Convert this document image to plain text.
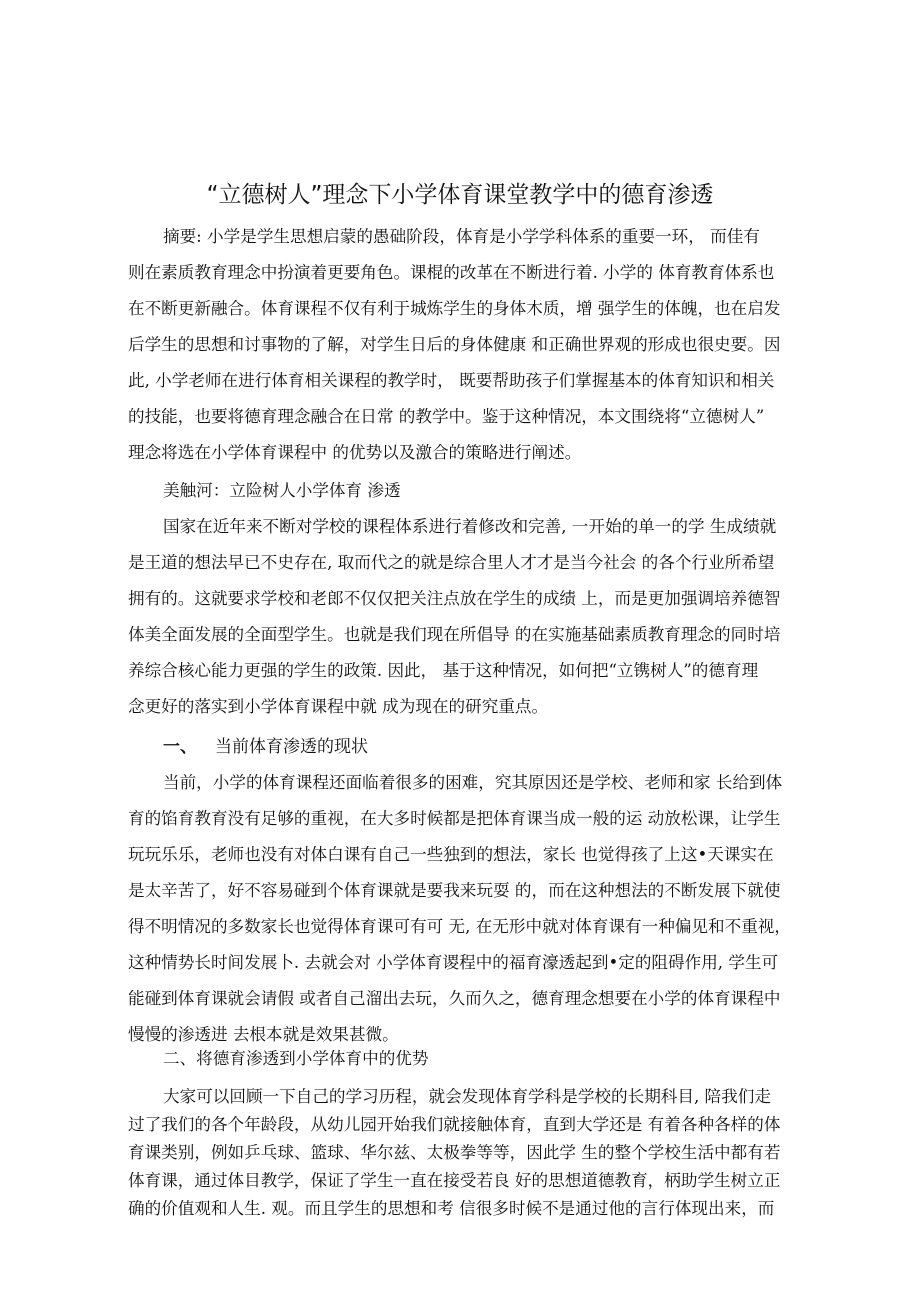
“立德树人”理念下小学体育课堂教学中的德育渗透
摘要: 小学是学生思想启蒙的愚础阶段，体育是小学学科体系的重要一环， 而佳有
则在素质教育理念中扮演着更要角色。课棍的改革在不断进行着. 小学的 体育教育体系也
在不断更新融合。体育课程不仅有利于城炼学生的身体木质，增 强学生的体魄，也在启发
后学生的思想和讨事物的了解，对学生日后的身体健康 和正确世界观的形成也很史要。因
此, 小学老师在进行体育相关课程的教学时， 既要帮助孩子们掌握基本的体育知识和相关
的技能，也要将德育理念融合在日常 的教学中。鉴于这种情况，本文围绕将“立德树人”
理念将选在小学体育课程中 的优势以及激合的策略进行阐述。
美触河：立险树人小学体育 渗透
国家在近年来不断对学校的课程体系进行着修改和完善, 一开始的单一的学 生成绩就
是王道的想法早已不史存在, 取而代之的就是综合里人才才是当今社会 的各个行业所希望
拥有的。这就要求学校和老郎不仅仅把关注点放在学生的成绩 上，而是更加强调培养德智
体美全面发展的全面型学生。也就是我们现在所倡导 的在实施基础素质教育理念的同时培
养综合核心能力更强的学生的政策. 因此， 基于这种情况，如何把“立镌树人”的德育理
念更好的落实到小学体育课程中就 成为现在的研究重点。
一、 当前体育渗透的现状
当前，小学的体育课程还面临着很多的困难，究其原因还是学校、老师和家 长给到体
育的馅育教育没有足够的重视，在大多时候都是把体育课当成一般的运 动放松课，让学生
玩玩乐乐，老师也没有对体白课有自己一些独到的想法，家长 也觉得孩了上这•天课实在
是太辛苦了，好不容易碰到个体育课就是要我来玩耍 的，而在这种想法的不断发展下就使
得不明情况的多数家长也觉得体育课可有可 无, 在无形中就对体育课有一种偏见和不重视，
这种情势长时间发展卜. 去就会对 小学体育谡程中的福育濠透起到•定的阻碍作用, 学生可
能碰到体育课就会请假 或者自己溜出去玩，久而久之，德育理念想要在小学的体育课程中
慢慢的渗透进 去根本就是效果甚微。
二、将德育渗透到小学体育中的优势
大家可以回顾一下自己的学习历程，就会发现体育学科是学校的长期科目, 陪我们走
过了我们的各个年龄段，从幼儿园开始我们就接触体育，直到大学还是 有着各种各样的体
育课类别，例如乒乓球、篮球、华尔兹、太极拳等等，因此学 生的整个学校生活中都有若
体育课，通过体目教学，保证了学生一直在接受若良 好的思想道德教育，柄助学生树立正
确的价值观和人生. 观。而且学生的思想和考 信很多时候不是通过他的言行体现出来，而
